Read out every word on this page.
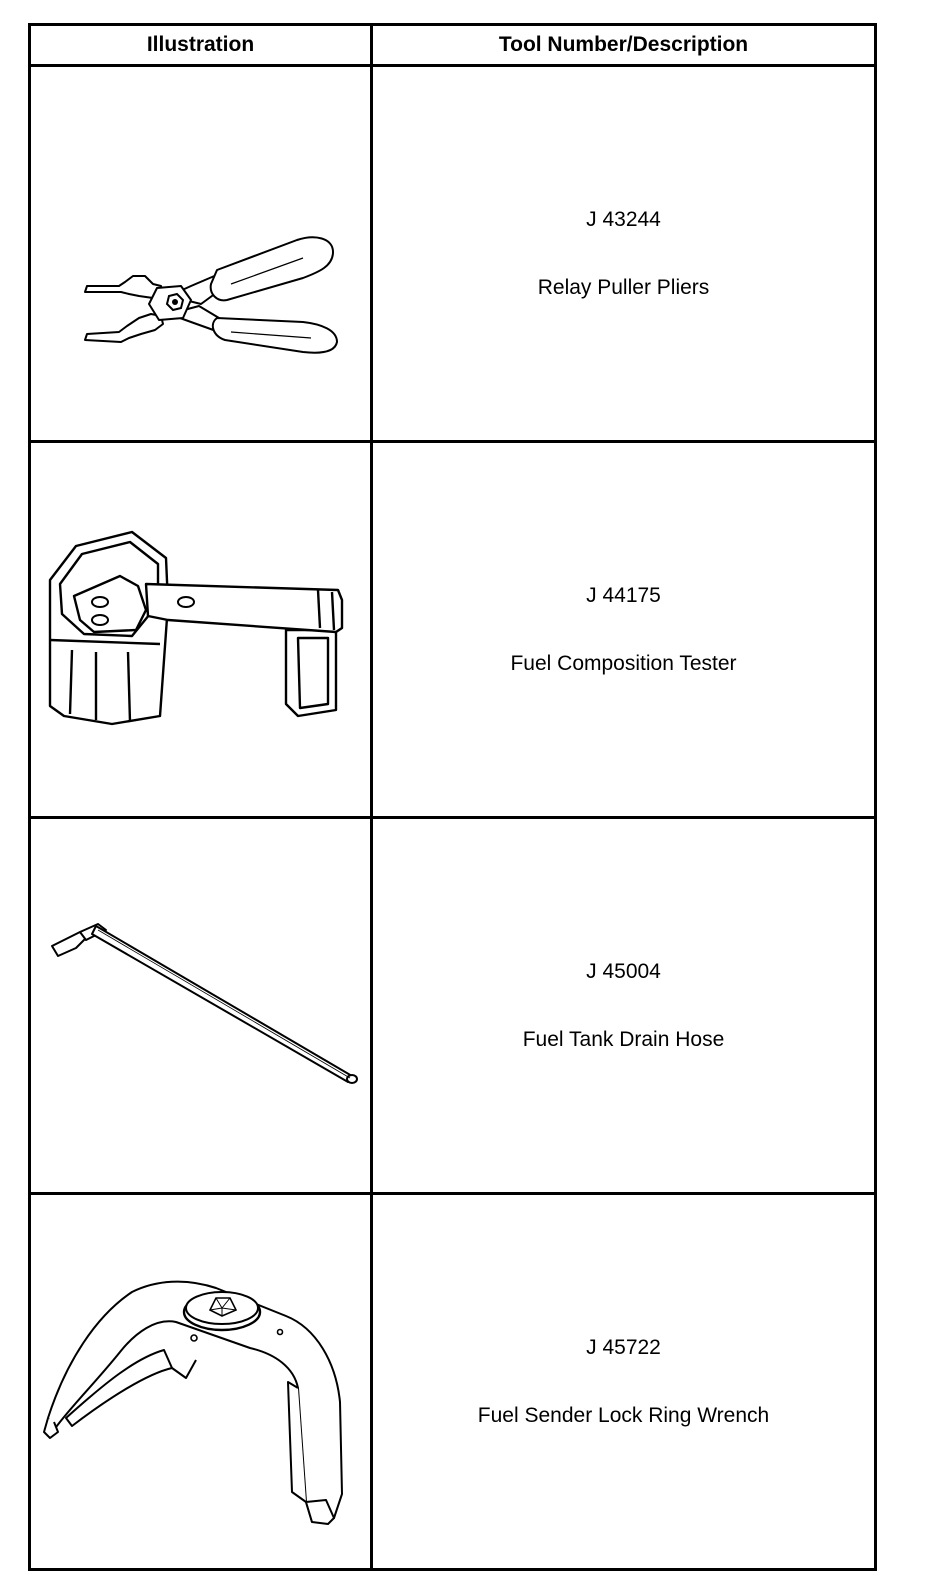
Illustration	Tool Number/Description

J 43244
Relay Puller Pliers

J 44175
Fuel Composition Tester

J 45004
Fuel Tank Drain Hose

J 45722
Fuel Sender Lock Ring Wrench
